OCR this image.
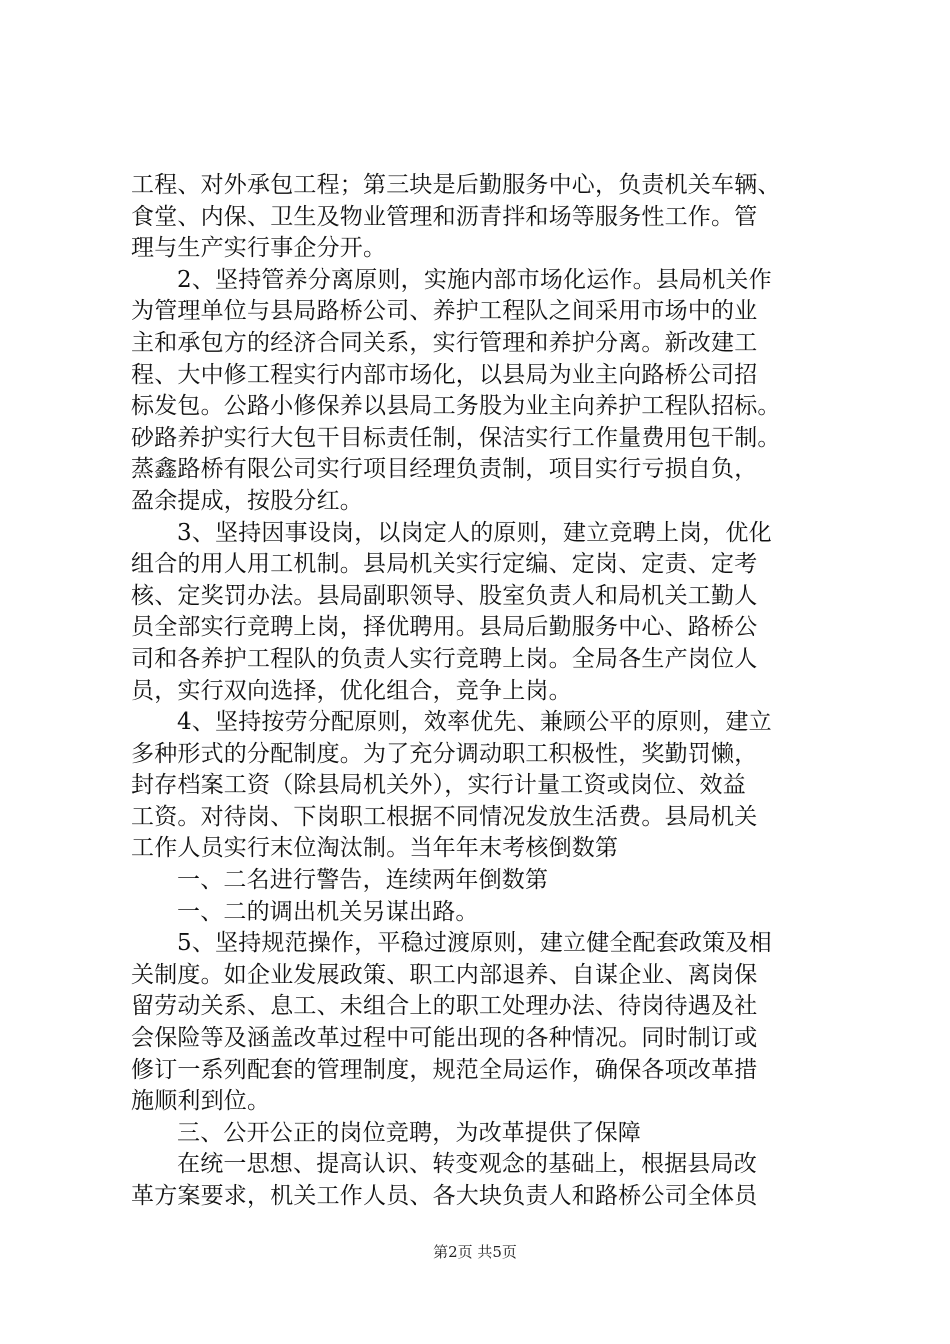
工程、对外承包工程；第三块是后勤服务中心，负责机关车辆、
食堂、内保、卫生及物业管理和沥青拌和场等服务性工作。管
理与生产实行事企分开。
2、坚持管养分离原则，实施内部市场化运作。县局机关作
为管理单位与县局路桥公司、养护工程队之间采用市场中的业
主和承包方的经济合同关系，实行管理和养护分离。新改建工
程、大中修工程实行内部市场化，以县局为业主向路桥公司招
标发包。公路小修保养以县局工务股为业主向养护工程队招标。
砂路养护实行大包干目标责任制，保洁实行工作量费用包干制。
蒸鑫路桥有限公司实行项目经理负责制，项目实行亏损自负，
盈余提成，按股分红。
3、坚持因事设岗，以岗定人的原则，建立竞聘上岗，优化
组合的用人用工机制。县局机关实行定编、定岗、定责、定考
核、定奖罚办法。县局副职领导、股室负责人和局机关工勤人
员全部实行竞聘上岗，择优聘用。县局后勤服务中心、路桥公
司和各养护工程队的负责人实行竞聘上岗。全局各生产岗位人
员，实行双向选择，优化组合，竞争上岗。
4、坚持按劳分配原则，效率优先、兼顾公平的原则，建立
多种形式的分配制度。为了充分调动职工积极性，奖勤罚懒，
封存档案工资（除县局机关外），实行计量工资或岗位、效益
工资。对待岗、下岗职工根据不同情况发放生活费。县局机关
工作人员实行末位淘汰制。当年年末考核倒数第
一、二名进行警告，连续两年倒数第
一、二的调出机关另谋出路。
5、坚持规范操作，平稳过渡原则，建立健全配套政策及相
关制度。如企业发展政策、职工内部退养、自谋企业、离岗保
留劳动关系、息工、未组合上的职工处理办法、待岗待遇及社
会保险等及涵盖改革过程中可能出现的各种情况。同时制订或
修订一系列配套的管理制度，规范全局运作，确保各项改革措
施顺利到位。
三、公开公正的岗位竞聘，为改革提供了保障
在统一思想、提高认识、转变观念的基础上，根据县局改
革方案要求，机关工作人员、各大块负责人和路桥公司全体员
第2页 共5页
